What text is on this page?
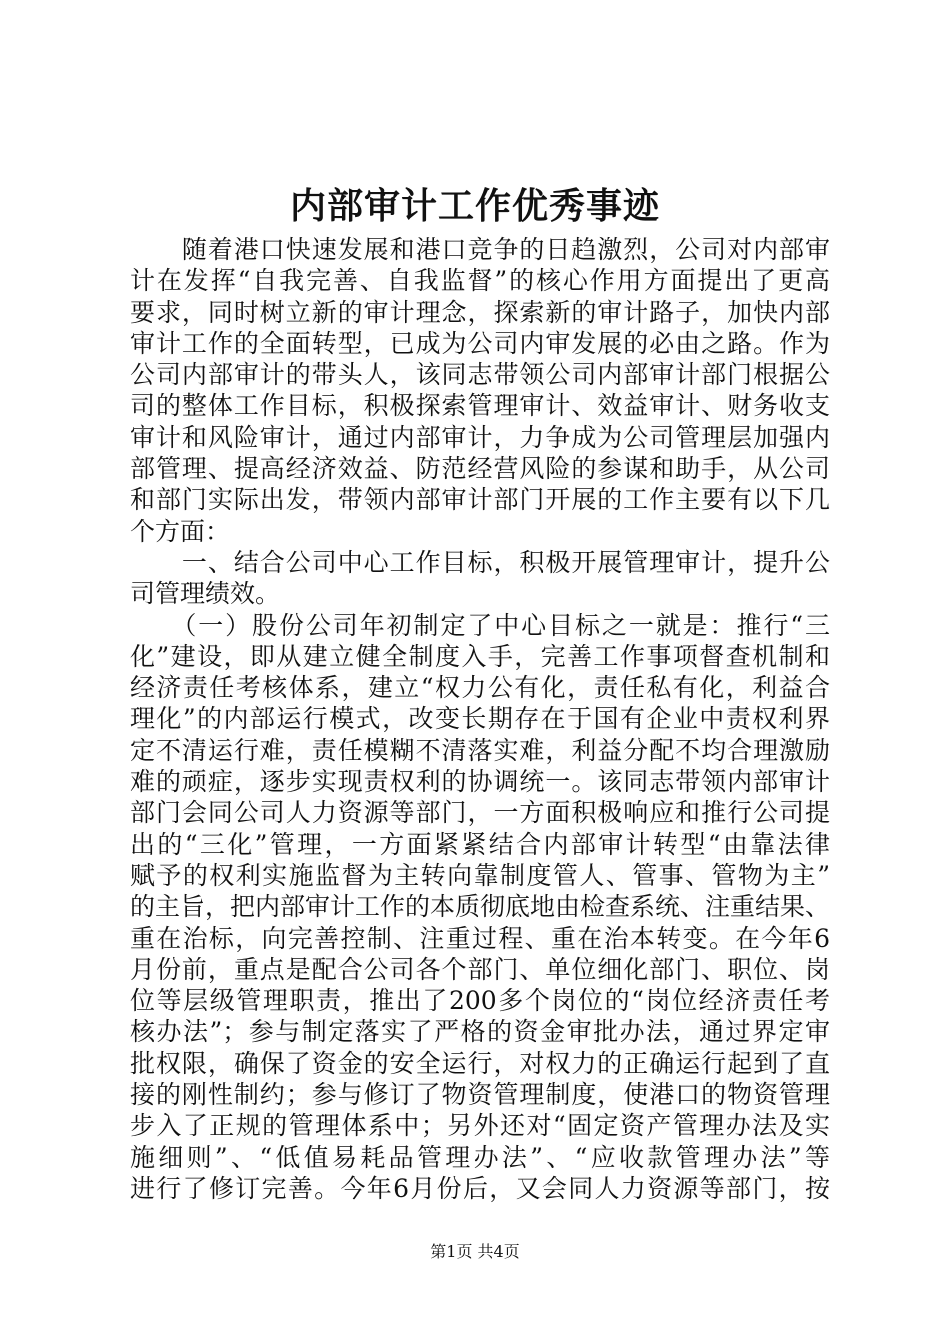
内部审计工作优秀事迹
　　随着港口快速发展和港口竞争的日趋激烈，公司对内部审
计在发挥“自我完善、自我监督”的核心作用方面提出了更高
要求，同时树立新的审计理念，探索新的审计路子，加快内部
审计工作的全面转型，已成为公司内审发展的必由之路。作为
公司内部审计的带头人，该同志带领公司内部审计部门根据公
司的整体工作目标，积极探索管理审计、效益审计、财务收支
审计和风险审计，通过内部审计，力争成为公司管理层加强内
部管理、提高经济效益、防范经营风险的参谋和助手，从公司
和部门实际出发，带领内部审计部门开展的工作主要有以下几
个方面：
　　一、结合公司中心工作目标，积极开展管理审计，提升公
司管理绩效。
　　（一）股份公司年初制定了中心目标之一就是：推行“三
化”建设，即从建立健全制度入手，完善工作事项督查机制和
经济责任考核体系，建立“权力公有化，责任私有化，利益合
理化”的内部运行模式，改变长期存在于国有企业中责权利界
定不清运行难，责任模糊不清落实难，利益分配不均合理激励
难的顽症，逐步实现责权利的协调统一。该同志带领内部审计
部门会同公司人力资源等部门，一方面积极响应和推行公司提
出的“三化”管理，一方面紧紧结合内部审计转型“由靠法律
赋予的权利实施监督为主转向靠制度管人、管事、管物为主”
的主旨，把内部审计工作的本质彻底地由检查系统、注重结果、
重在治标，向完善控制、注重过程、重在治本转变。在今年6
月份前，重点是配合公司各个部门、单位细化部门、职位、岗
位等层级管理职责，推出了200多个岗位的“岗位经济责任考
核办法”；参与制定落实了严格的资金审批办法，通过界定审
批权限，确保了资金的安全运行，对权力的正确运行起到了直
接的刚性制约；参与修订了物资管理制度，使港口的物资管理
步入了正规的管理体系中；另外还对“固定资产管理办法及实
施细则”、“低值易耗品管理办法”、“应收款管理办法”等
进行了修订完善。今年6月份后，又会同人力资源等部门，按
第1页 共4页
